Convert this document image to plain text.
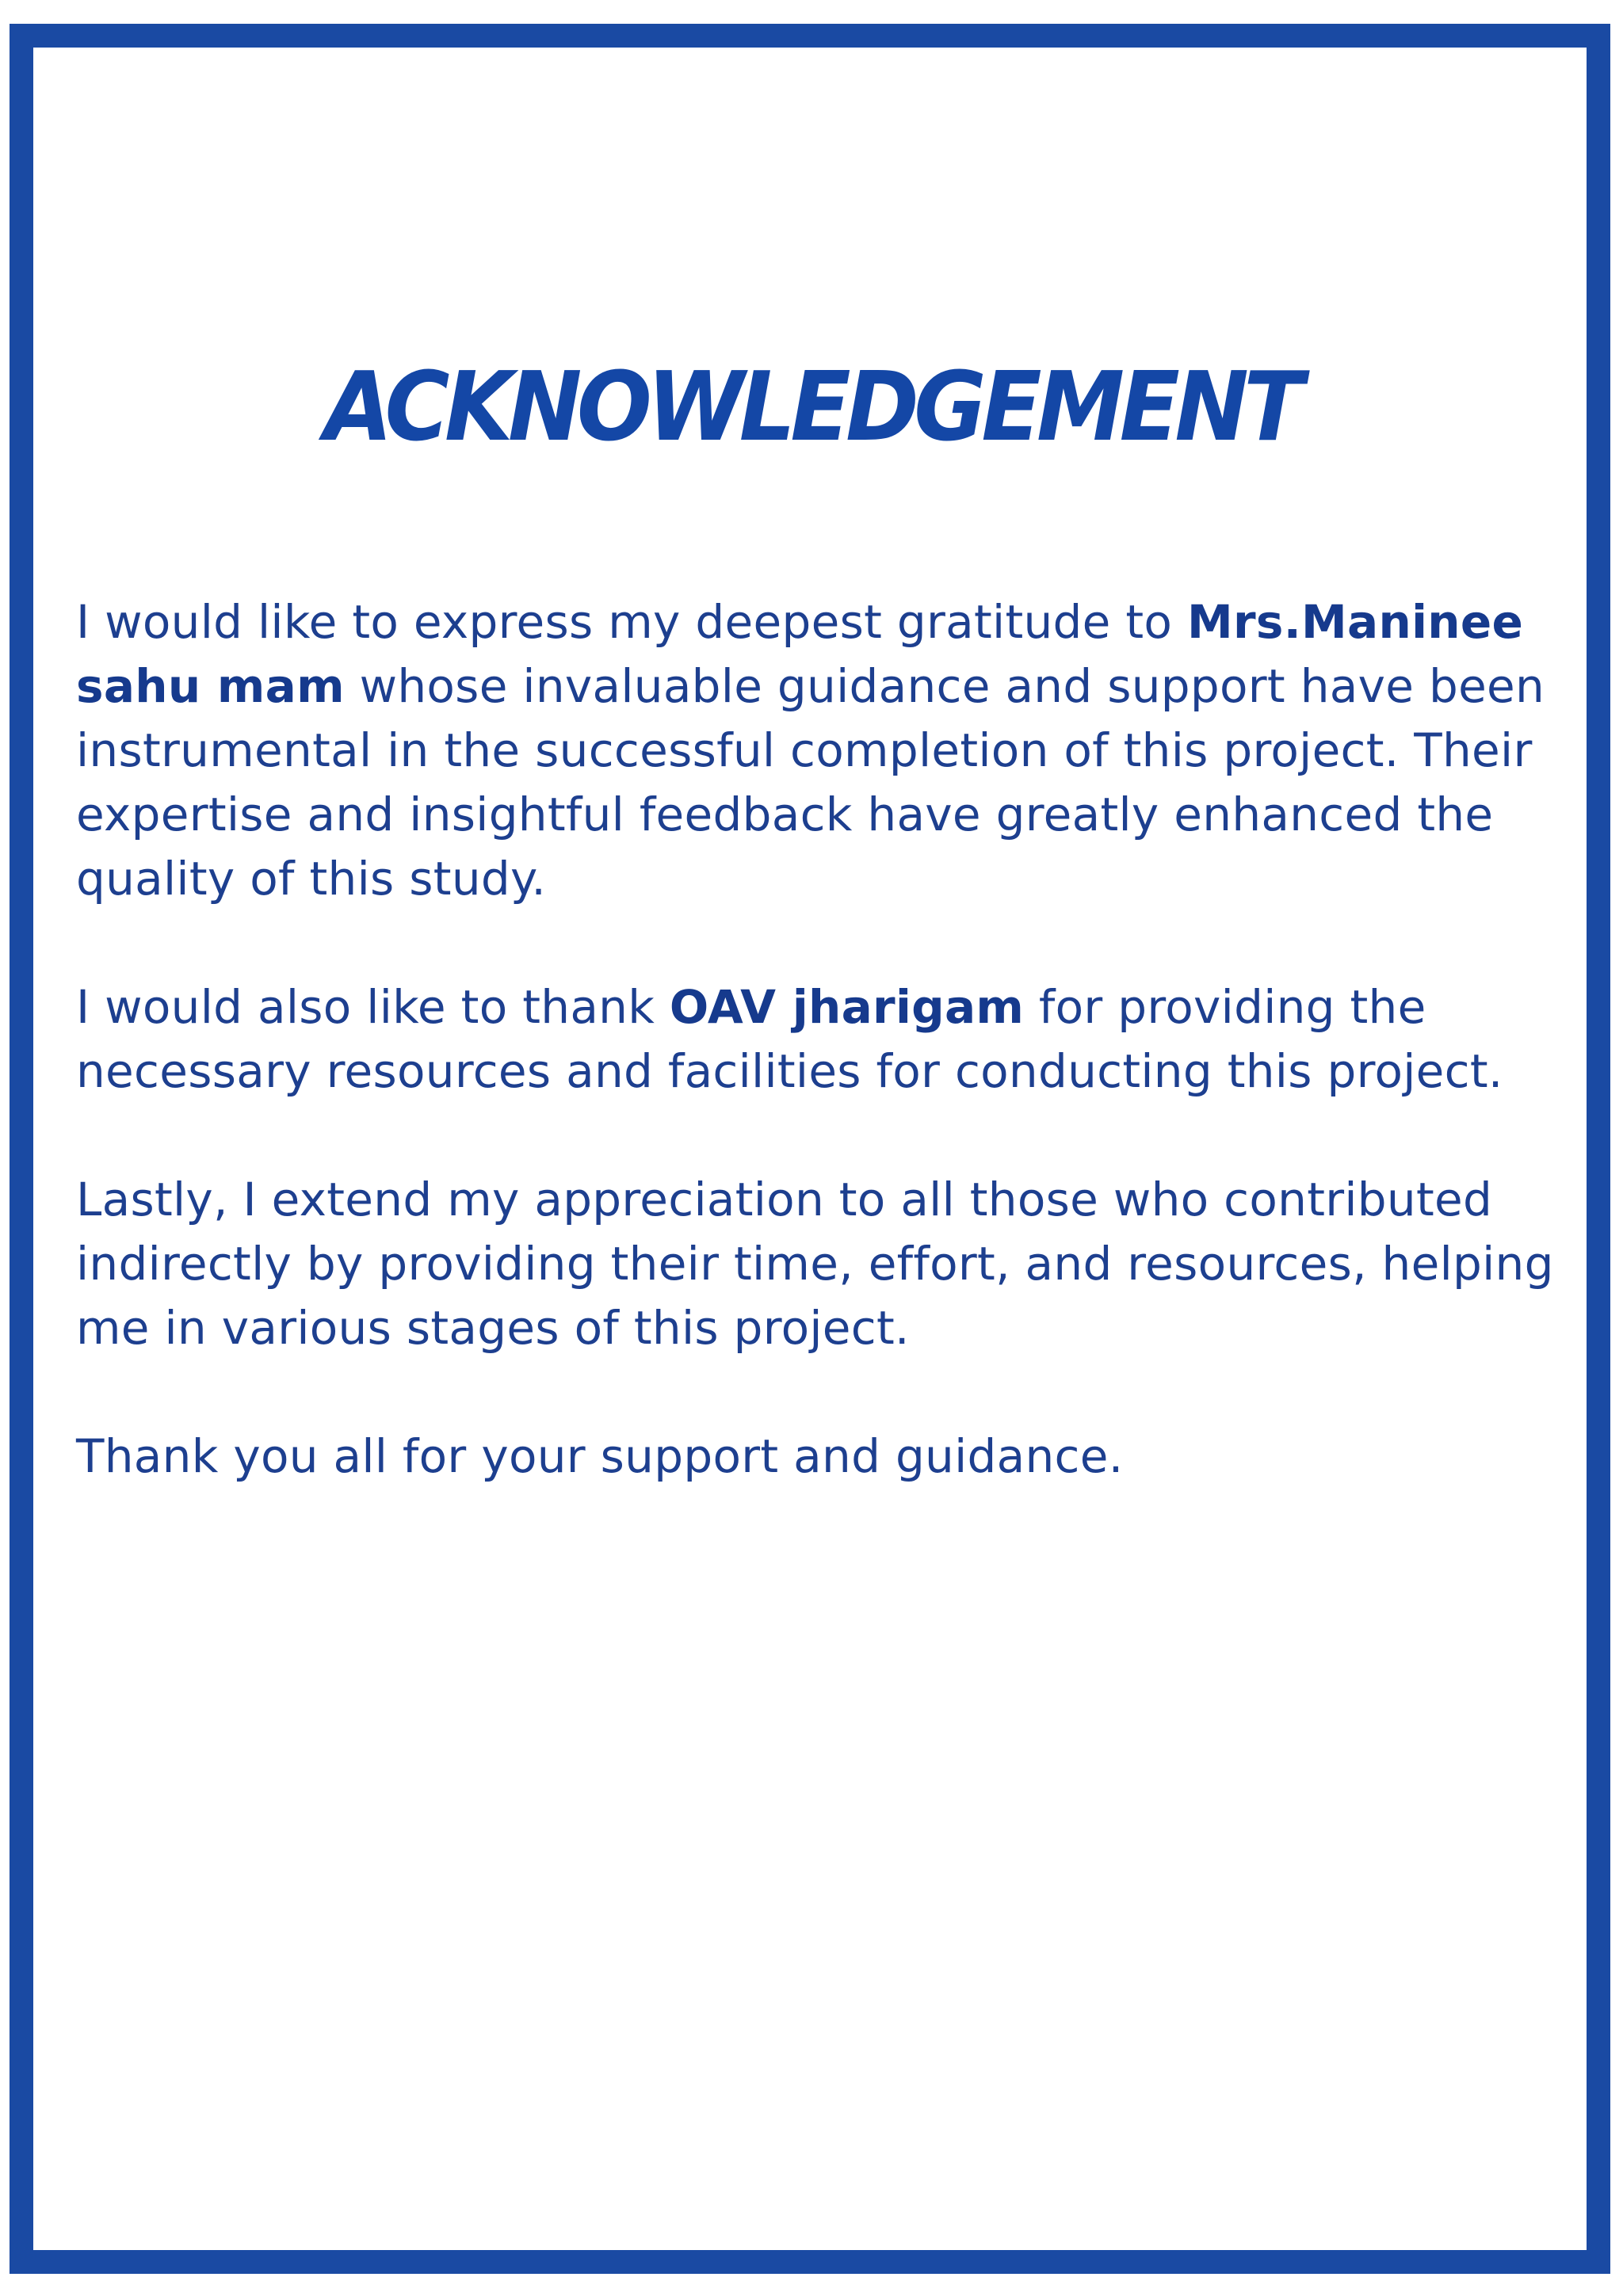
ACKNOWLEDGEMENT

I would like to express my deepest gratitude to Mrs.Maninee sahu mam whose invaluable guidance and support have been instrumental in the successful completion of this project. Their expertise and insightful feedback have greatly enhanced the quality of this study.

I would also like to thank OAV jharigam for providing the necessary resources and facilities for conducting this project.

Lastly, I extend my appreciation to all those who contributed indirectly by providing their time, effort, and resources, helping me in various stages of this project.

Thank you all for your support and guidance.
